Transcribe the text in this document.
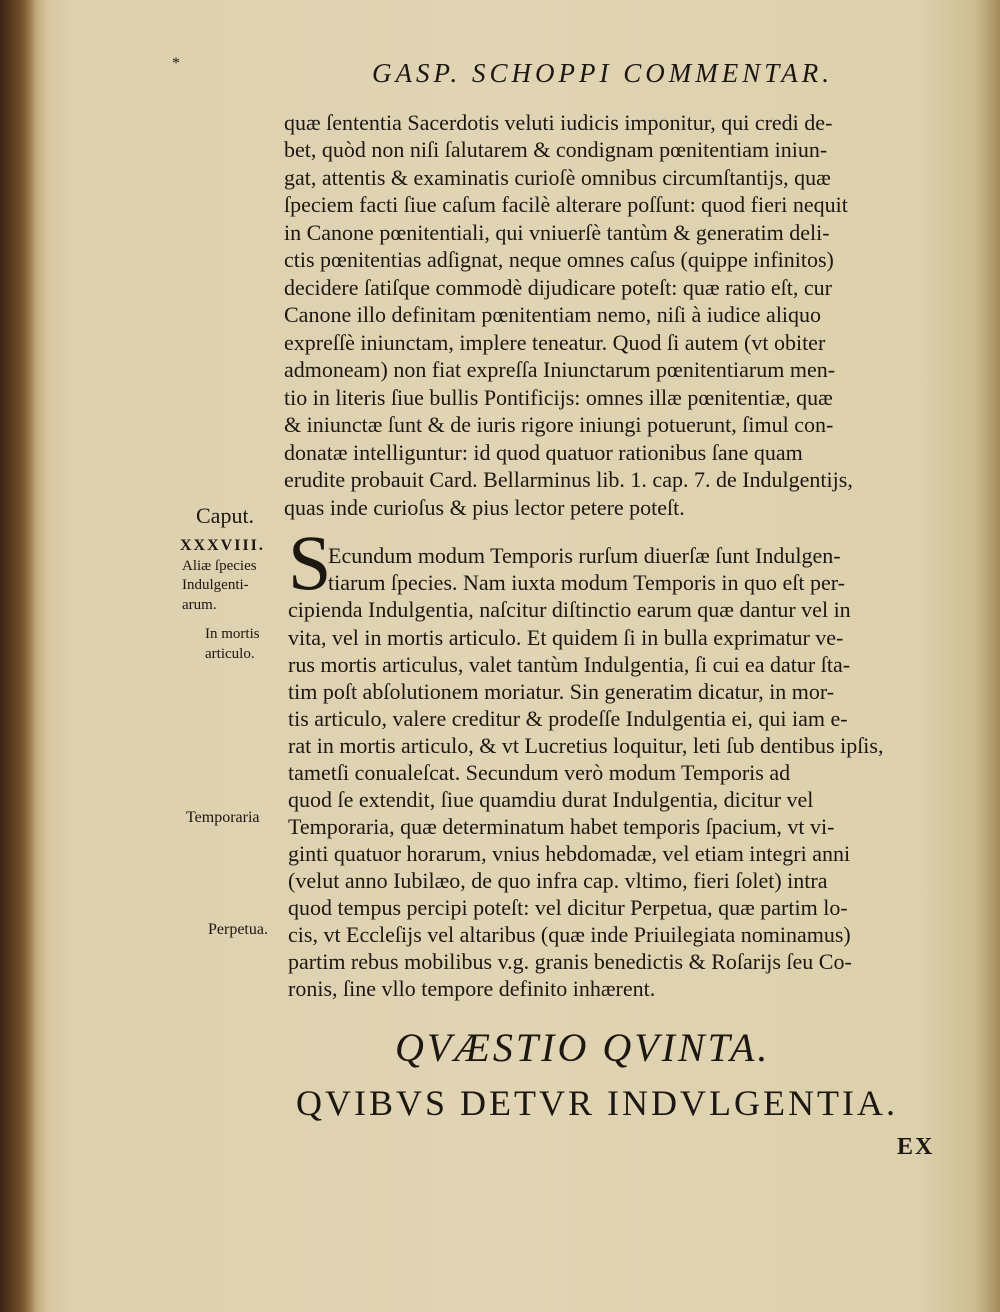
*	GASP. SCHOPPI COMMENTAR.
quæ ſententia Sacerdotis veluti iudicis imponitur, qui credi de-
bet, quòd non niſi ſalutarem & condignam pœnitentiam iniun-
gat, attentis & examinatis curioſè omnibus circumſtantijs, quæ
ſpeciem facti ſiue caſum facilè alterare poſſunt: quod fieri nequit
in Canone pœnitentiali, qui vniuerſè tantùm & generatim deli-
ctis pœnitentias adſignat, neque omnes caſus (quippe infinitos)
decidere ſatiſque commodè dijudicare poteſt: quæ ratio eſt, cur
Canone illo definitam pœnitentiam nemo, niſi à iudice aliquo
expreſſè iniunctam, implere teneatur. Quod ſi autem (vt obiter
admoneam) non fiat expreſſa Iniunctarum pœnitentiarum men-
tio in literis ſiue bullis Pontificijs: omnes illæ pœnitentiæ, quæ
& iniunctæ ſunt & de iuris rigore iniungi potuerunt, ſimul con-
donatæ intelliguntur: id quod quatuor rationibus ſane quam
erudite probauit Card. Bellarminus lib. 1. cap. 7. de Indulgentijs,
quas inde curioſus & pius lector petere poteſt.
Caput.
XXXVIII.
Aliæ ſpecies
Indulgenti-
arum.
In mortis
articulo.
Temporaria
Perpetua.
S
Ecundum modum Temporis rurſum diuerſæ ſunt Indulgen-
tiarum ſpecies. Nam iuxta modum Temporis in quo eſt per-
cipienda Indulgentia, naſcitur diſtinctio earum quæ dantur vel in
vita, vel in mortis articulo. Et quidem ſi in bulla exprimatur ve-
rus mortis articulus, valet tantùm Indulgentia, ſi cui ea datur ſta-
tim poſt abſolutionem moriatur. Sin generatim dicatur, in mor-
tis articulo, valere creditur & prodeſſe Indulgentia ei, qui iam e-
rat in mortis articulo, & vt Lucretius loquitur, leti ſub dentibus ipſis,
tametſi conualeſcat. Secundum verò modum Temporis ad
quod ſe extendit, ſiue quamdiu durat Indulgentia, dicitur vel
Temporaria, quæ determinatum habet temporis ſpacium, vt vi-
ginti quatuor horarum, vnius hebdomadæ, vel etiam integri anni
(velut anno Iubilæo, de quo infra cap. vltimo, fieri ſolet) intra
quod tempus percipi poteſt: vel dicitur Perpetua, quæ partim lo-
cis, vt Eccleſijs vel altaribus (quæ inde Priuilegiata nominamus)
partim rebus mobilibus v.g. granis benedictis & Roſarijs ſeu Co-
ronis, ſine vllo tempore definito inhærent.
QVÆSTIO QVINTA.
QVIBVS DETVR INDVLGENTIA.
EX
